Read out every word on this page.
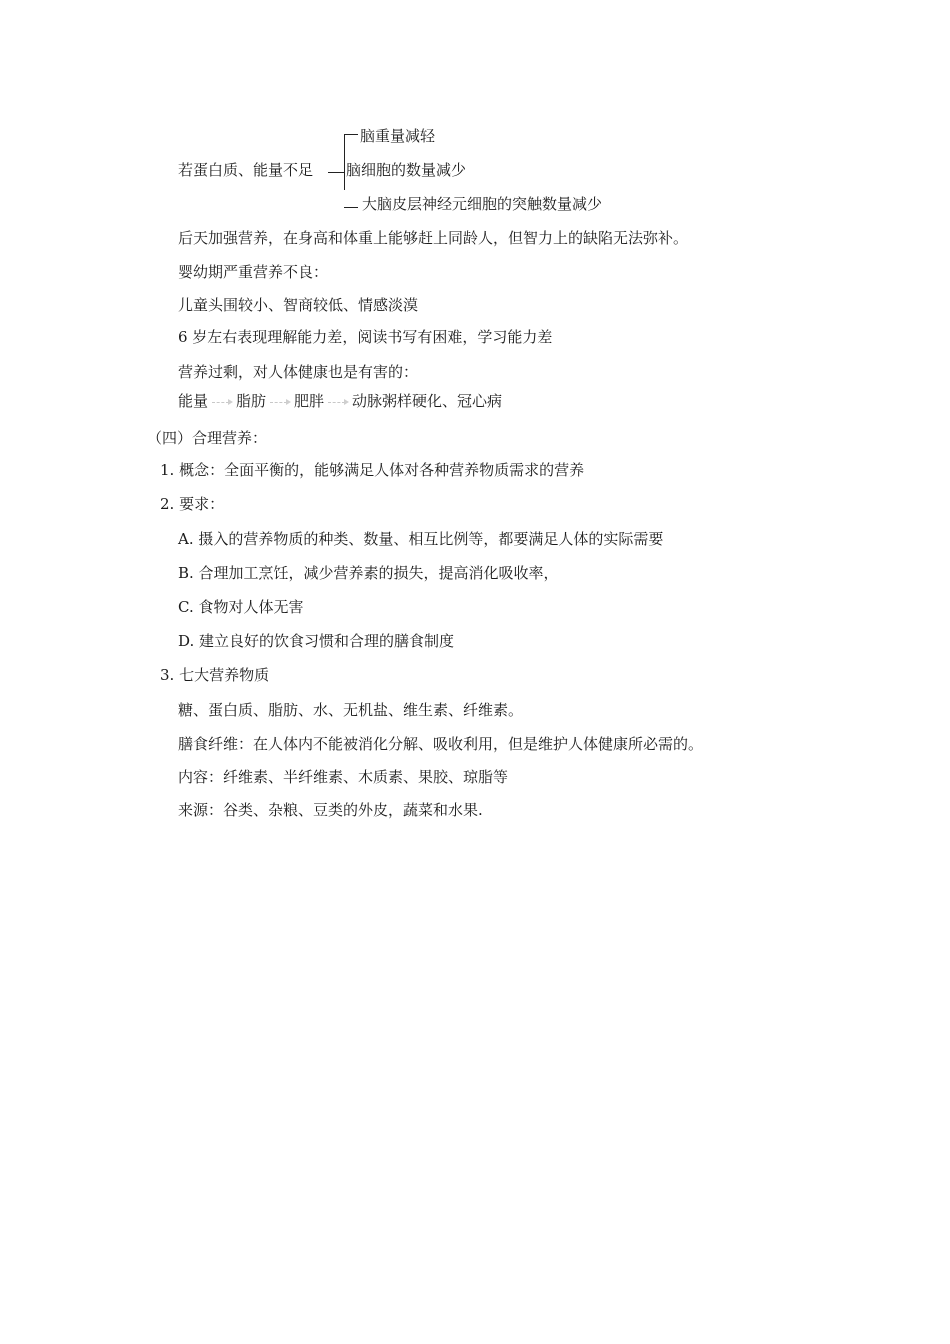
若蛋白质、能量不足
脑重量减轻
脑细胞的数量减少
大脑皮层神经元细胞的突触数量减少
后天加强营养，在身高和体重上能够赶上同龄人，但智力上的缺陷无法弥补。
婴幼期严重营养不良：
儿童头围较小、智商较低、情感淡漠
6 岁左右表现理解能力差，阅读书写有困难，学习能力差
营养过剩，对人体健康也是有害的：
能量 脂肪 肥胖 动脉粥样硬化、冠心病
（四）合理营养：
1. 概念：全面平衡的，能够满足人体对各种营养物质需求的营养
2. 要求：
A. 摄入的营养物质的种类、数量、相互比例等，都要满足人体的实际需要
B. 合理加工烹饪，减少营养素的损失，提高消化吸收率，
C. 食物对人体无害
D. 建立良好的饮食习惯和合理的膳食制度
3. 七大营养物质
糖、蛋白质、脂肪、水、无机盐、维生素、纤维素。
膳食纤维：在人体内不能被消化分解、吸收利用，但是维护人体健康所必需的。
内容：纤维素、半纤维素、木质素、果胶、琼脂等
来源：谷类、杂粮、豆类的外皮，蔬菜和水果.
